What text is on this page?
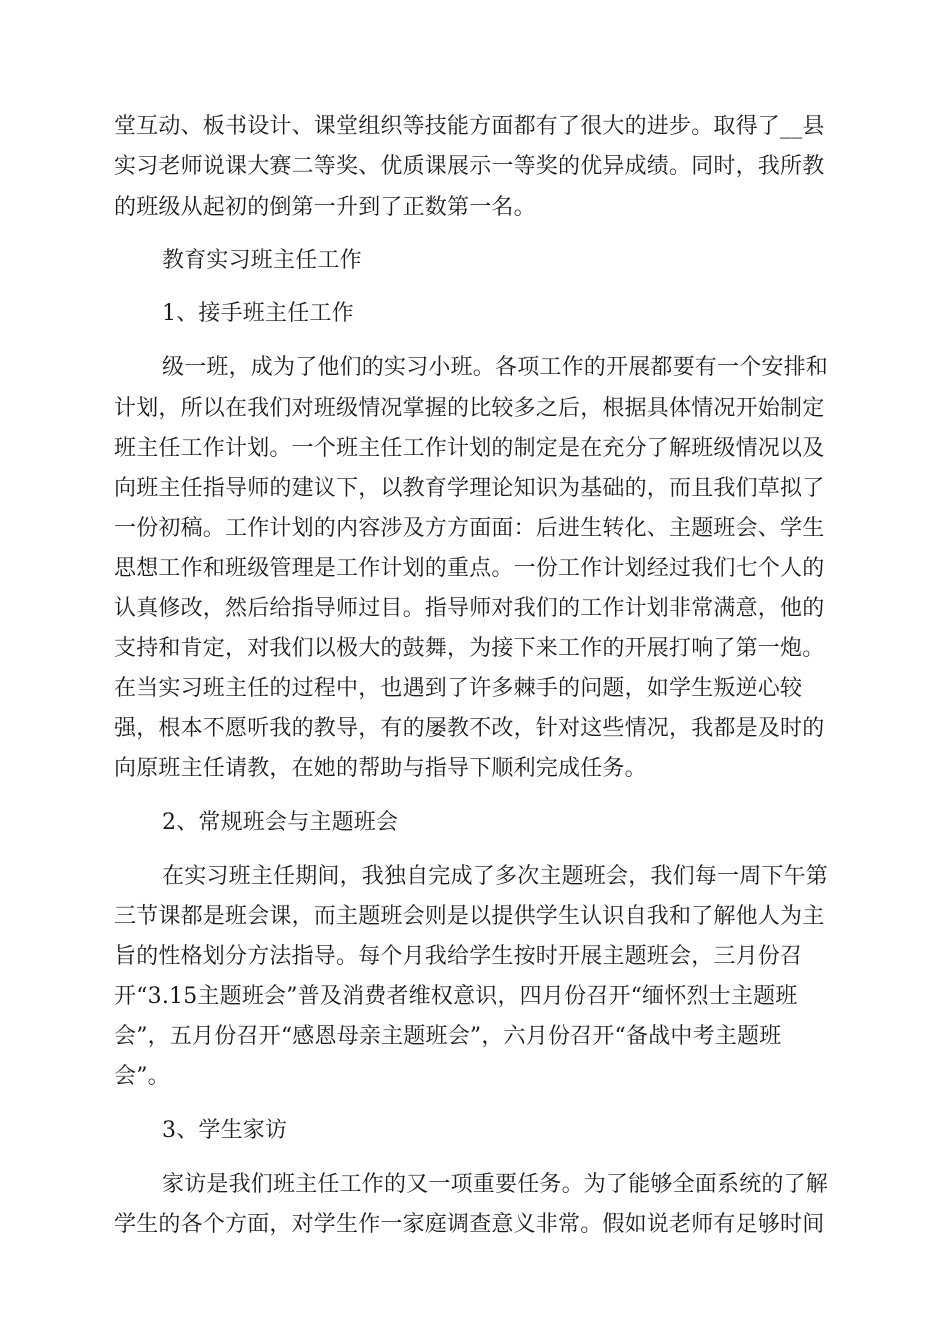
堂互动、板书设计、课堂组织等技能方面都有了很大的进步。取得了__县
实习老师说课大赛二等奖、优质课展示一等奖的优异成绩。同时，我所教
的班级从起初的倒第一升到了正数第一名。
教育实习班主任工作
1、接手班主任工作
级一班，成为了他们的实习小班。各项工作的开展都要有一个安排和
计划，所以在我们对班级情况掌握的比较多之后，根据具体情况开始制定
班主任工作计划。一个班主任工作计划的制定是在充分了解班级情况以及
向班主任指导师的建议下，以教育学理论知识为基础的，而且我们草拟了
一份初稿。工作计划的内容涉及方方面面：后进生转化、主题班会、学生
思想工作和班级管理是工作计划的重点。一份工作计划经过我们七个人的
认真修改，然后给指导师过目。指导师对我们的工作计划非常满意，他的
支持和肯定，对我们以极大的鼓舞，为接下来工作的开展打响了第一炮。
在当实习班主任的过程中，也遇到了许多棘手的问题，如学生叛逆心较
强，根本不愿听我的教导，有的屡教不改，针对这些情况，我都是及时的
向原班主任请教，在她的帮助与指导下顺利完成任务。
2、常规班会与主题班会
在实习班主任期间，我独自完成了多次主题班会，我们每一周下午第
三节课都是班会课，而主题班会则是以提供学生认识自我和了解他人为主
旨的性格划分方法指导。每个月我给学生按时开展主题班会，三月份召
开“3.15主题班会”普及消费者维权意识，四月份召开“缅怀烈士主题班
会”，五月份召开“感恩母亲主题班会”，六月份召开“备战中考主题班
会”。
3、学生家访
家访是我们班主任工作的又一项重要任务。为了能够全面系统的了解
学生的各个方面，对学生作一家庭调查意义非常。假如说老师有足够时间
